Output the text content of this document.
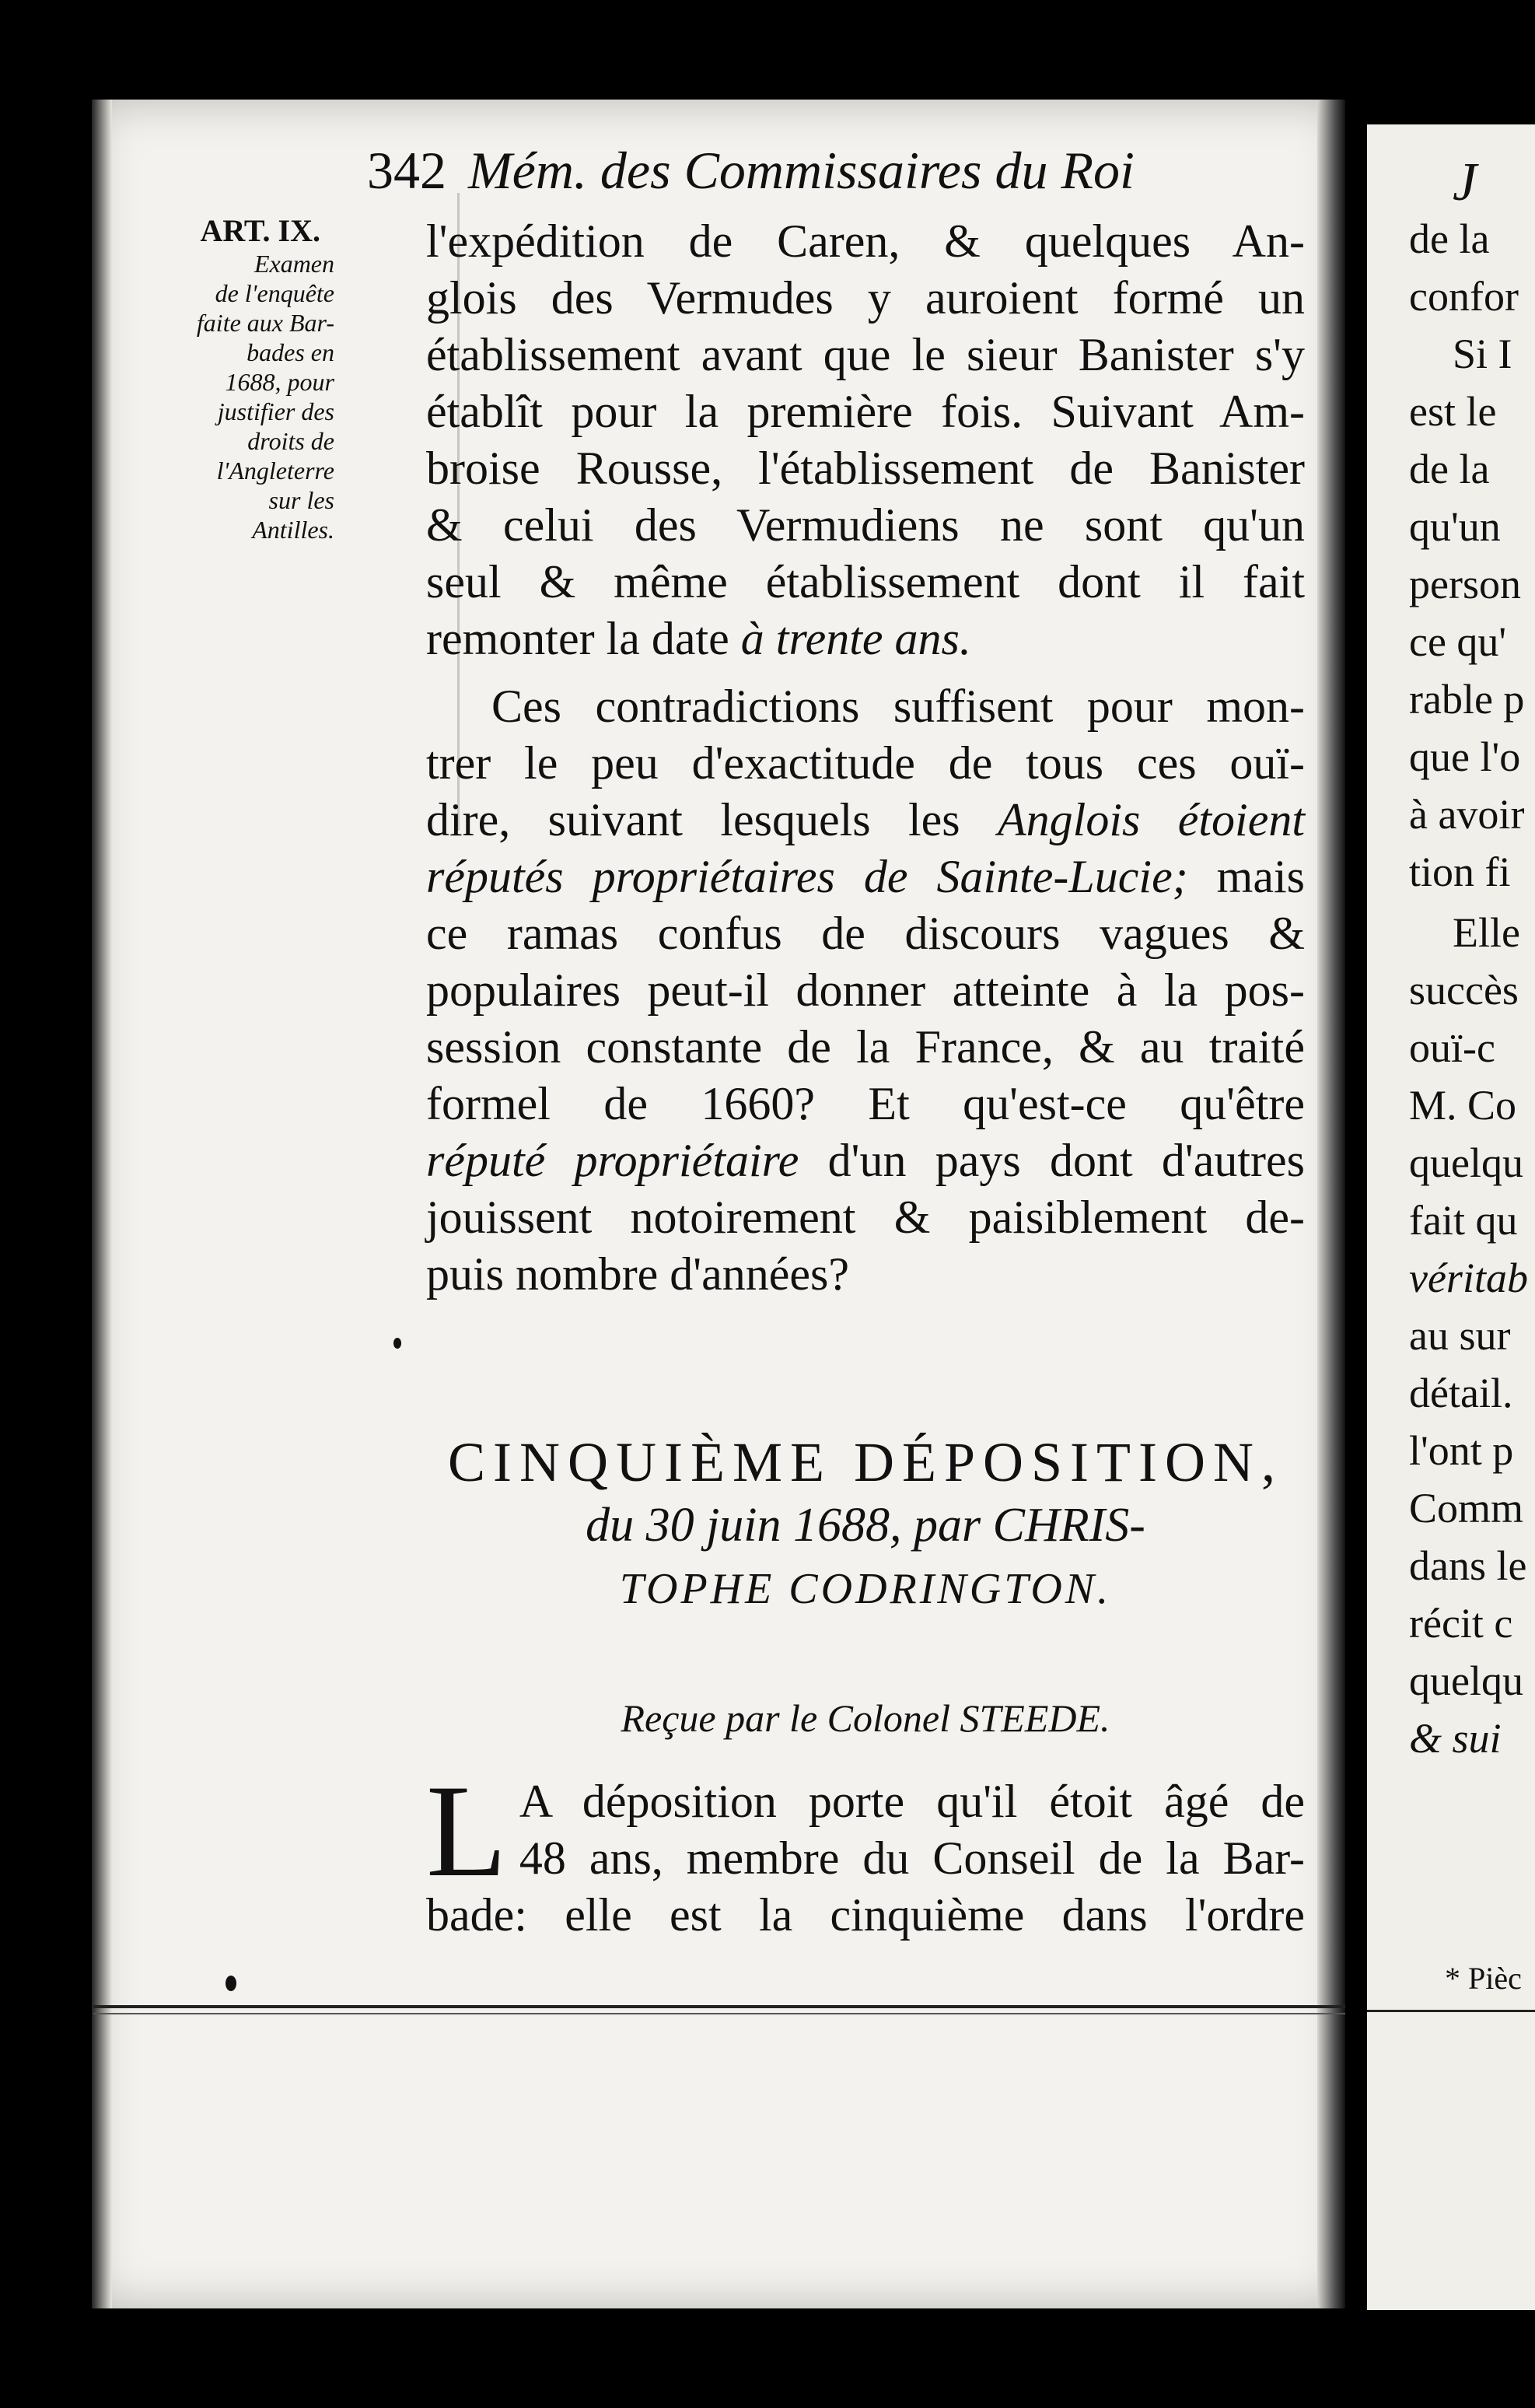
342 Mém. des Commissaires du Roi
ART. IX.
Examen
de l'enquête
faite aux Bar-
bades en
1688, pour
justifier des
droits de
l'Angleterre
sur les
Antilles.
l'expédition de Caren, & quelques An-
glois des Vermudes y auroient formé un
établissement avant que le sieur Banister s'y
établît pour la première fois. Suivant Am-
broise Rousse, l'établissement de Banister
& celui des Vermudiens ne sont qu'un
seul & même établissement dont il fait
remonter la date à trente ans.
Ces contradictions suffisent pour mon-
trer le peu d'exactitude de tous ces ouï-
dire, suivant lesquels les Anglois étoient
réputés propriétaires de Sainte-Lucie; mais
ce ramas confus de discours vagues &
populaires peut-il donner atteinte à la pos-
session constante de la France, & au traité
formel de 1660? Et qu'est-ce qu'être
réputé propriétaire d'un pays dont d'autres
jouissent notoirement & paisiblement de-
puis nombre d'années?
CINQUIÈME DÉPOSITION,
du 30 juin 1688, par CHRIS-
TOPHE CODRINGTON.
Reçue par le Colonel STEEDE.
L A déposition porte qu'il étoit âgé de
48 ans, membre du Conseil de la Bar-
bade: elle est la cinquième dans l'ordre
J
de la
confor
Si I
est le
de la
qu'un
person
ce qu'
rable p
que l'o
à avoir
tion fi
Elle
succès
ouï-c
M. Co
quelqu
fait qu
véritab
au sur
détail.
l'ont p
Comm
dans le
récit c
quelqu
& sui
* Pièc
